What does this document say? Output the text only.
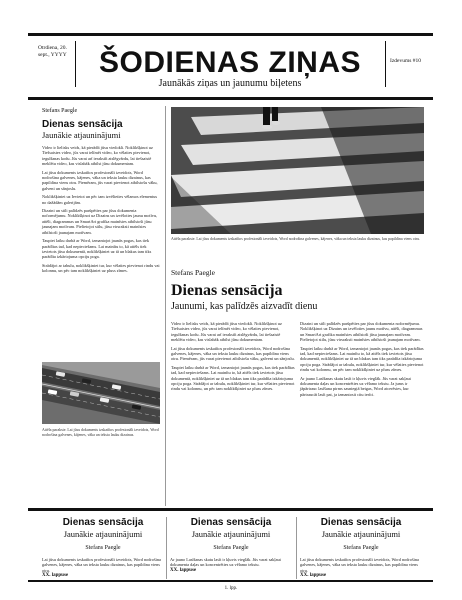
Otrdiena, 20. sept., YYYY	ŠODIENAS ZIŅAS
Jaunākās ziņas un jaunumu biļetens
Izdevums #10
Stefans Paegle
Dienas sensācija
Jaunākie atjauninājumi

Video ir lielisks veids, kā pierādīt jūsu viedokli. Noklikšķinot uz Tiešsaistes video, jūs varat ielīmēt video, ko vēlaties pievienot, iegulšanas kodu. Jūs varat arī ierakstīt atslēgvārdu, lai tiešsaistē meklētu video, kas vislabāk atbilst jūsu dokumentam.

Lai jūsu dokuments izskatītos profesionāli izveidots, Word nodrošina galvenes, kājenes, vāka un teksta lauku dizainus, kas papildina viens otru. Piemēram, jūs varat pievienot atbilstošu vāku, galveni un sānjoslu.

Noklikšķiniet uz Ievietot un pēc tam izvēlieties vēlamos elementus no dažādām galerijām.

Dizaini un stili palīdzēs parūpēties par jūsu dokumenta noformējumu. Noklikšķinot uz Dizains un izvēloties jaunu motīvu, attēli, diagrammas un SmartArt grafika mainīsies atbilstoši jūsu jaunajam motīvam. Pielietojot stilu, jūsu virsraksti mainīsies atbilstoši jaunajam motīvam.

Taupiet laiku darbā ar Word, izmantojot jaunās pogas, kas tiek parādītas tad, kad nepieciešams. Lai mainītu to, kā attēls tiek izvietots jūsu dokumentā, noklikšķiniet uz tā un blakus tam tiks parādīta izkārtojuma opciju poga.

Strādājot ar tabulu, noklikšķiniet tur, kur vēlaties pievienot rindu vai kolonnu, un pēc tam noklikšķiniet uz pluss zīmes.

Attēla parakste. Lai jūsu dokuments izskatītos profesionāli izveidots, Word nodrošina galvenes, kājenes, vāka un teksta lauku dizainus.
Attēla parakste. Lai jūsu dokuments izskatītos profesionāli izveidots, Word nodrošina galvenes, kājenes, vāka un teksta lauku dizainus, kas papildina viens otru.
Stefans Paegle
Dienas sensācija
Jaunumi, kas palīdzēs aizvadīt dienu

Video ir lielisks veids, kā pierādīt jūsu viedokli. Noklikšķinot uz Tiešsaistes video, jūs varat ielīmēt video, ko vēlaties pievienot, iegulšanas kodu. Jūs varat arī ierakstīt atslēgvārdu, lai tiešsaistē meklētu video, kas vislabāk atbilst jūsu dokumentam.

Lai jūsu dokuments izskatītos profesionāli izveidots, Word nodrošina galvenes, kājenes, vāka un teksta lauku dizainus, kas papildina viens otru. Piemēram, jūs varat pievienot atbilstošu vāku, galveni un sānjoslu.

Taupiet laiku darbā ar Word, izmantojot jaunās pogas, kas tiek parādītas tad, kad nepieciešams. Lai mainītu to, kā attēls tiek izvietots jūsu dokumentā, noklikšķiniet uz tā un blakus tam tiks parādīta izkārtojuma opciju poga. Strādājot ar tabulu, noklikšķiniet tur, kur vēlaties pievienot rindu vai kolonnu, un pēc tam noklikšķiniet uz pluss zīmes.

Dizaini un stili palīdzēs parūpēties par jūsu dokumenta noformējumu. Noklikšķinot uz Dizains un izvēloties jaunu motīvu, attēli, diagrammas un SmartArt grafika mainīsies atbilstoši jūsu jaunajam motīvam. Pielietojot stilu, jūsu virsraksti mainīsies atbilstoši jaunajam motīvam.

Taupiet laiku darbā ar Word, izmantojot jaunās pogas, kas tiek parādītas tad, kad nepieciešams. Lai mainītu to, kā attēls tiek izvietots jūsu dokumentā, noklikšķiniet uz tā un blakus tam tiks parādīta izkārtojuma opciju poga. Strādājot ar tabulu, noklikšķiniet tur, kur vēlaties pievienot rindu vai kolonnu, un pēc tam noklikšķiniet uz pluss zīmes.

Ar jauno Lasīšanas skatu lasīt ir kļuvis vieglāk. Jūs varat sakļaut dokumenta daļas un koncentrēties uz vēlamo tekstu. Ja jums ir jāpārtrauc lasīšana pirms sasniegtā beigas, Word atcerēsies, kur pārtraucāt lasīt pat, ja izmantosit citu ierīci.

Dienas sensācija
Jaunākie atjauninājumi
Stefans Paegle
Lai jūsu dokuments izskatītos profesionāli izveidots, Word nodrošina galvenes, kājenes, vāka un teksta lauku dizainus, kas papildina viens otru.
XX. lappuse
Dienas sensācija
Jaunākie atjauninājumi
Stefans Paegle
Ar jauno Lasīšanas skatu lasīt ir kļuvis vieglāk. Jūs varat sakļaut dokumenta daļas un koncentrēties uz vēlamo tekstu.
XX. lappuse
Dienas sensācija
Jaunākie atjauninājumi
Stefans Paegle
Lai jūsu dokuments izskatītos profesionāli izveidots, Word nodrošina galvenes, kājenes, vāka un teksta lauku dizainus, kas papildina viens otru.
XX. lappuse
1. lpp.
